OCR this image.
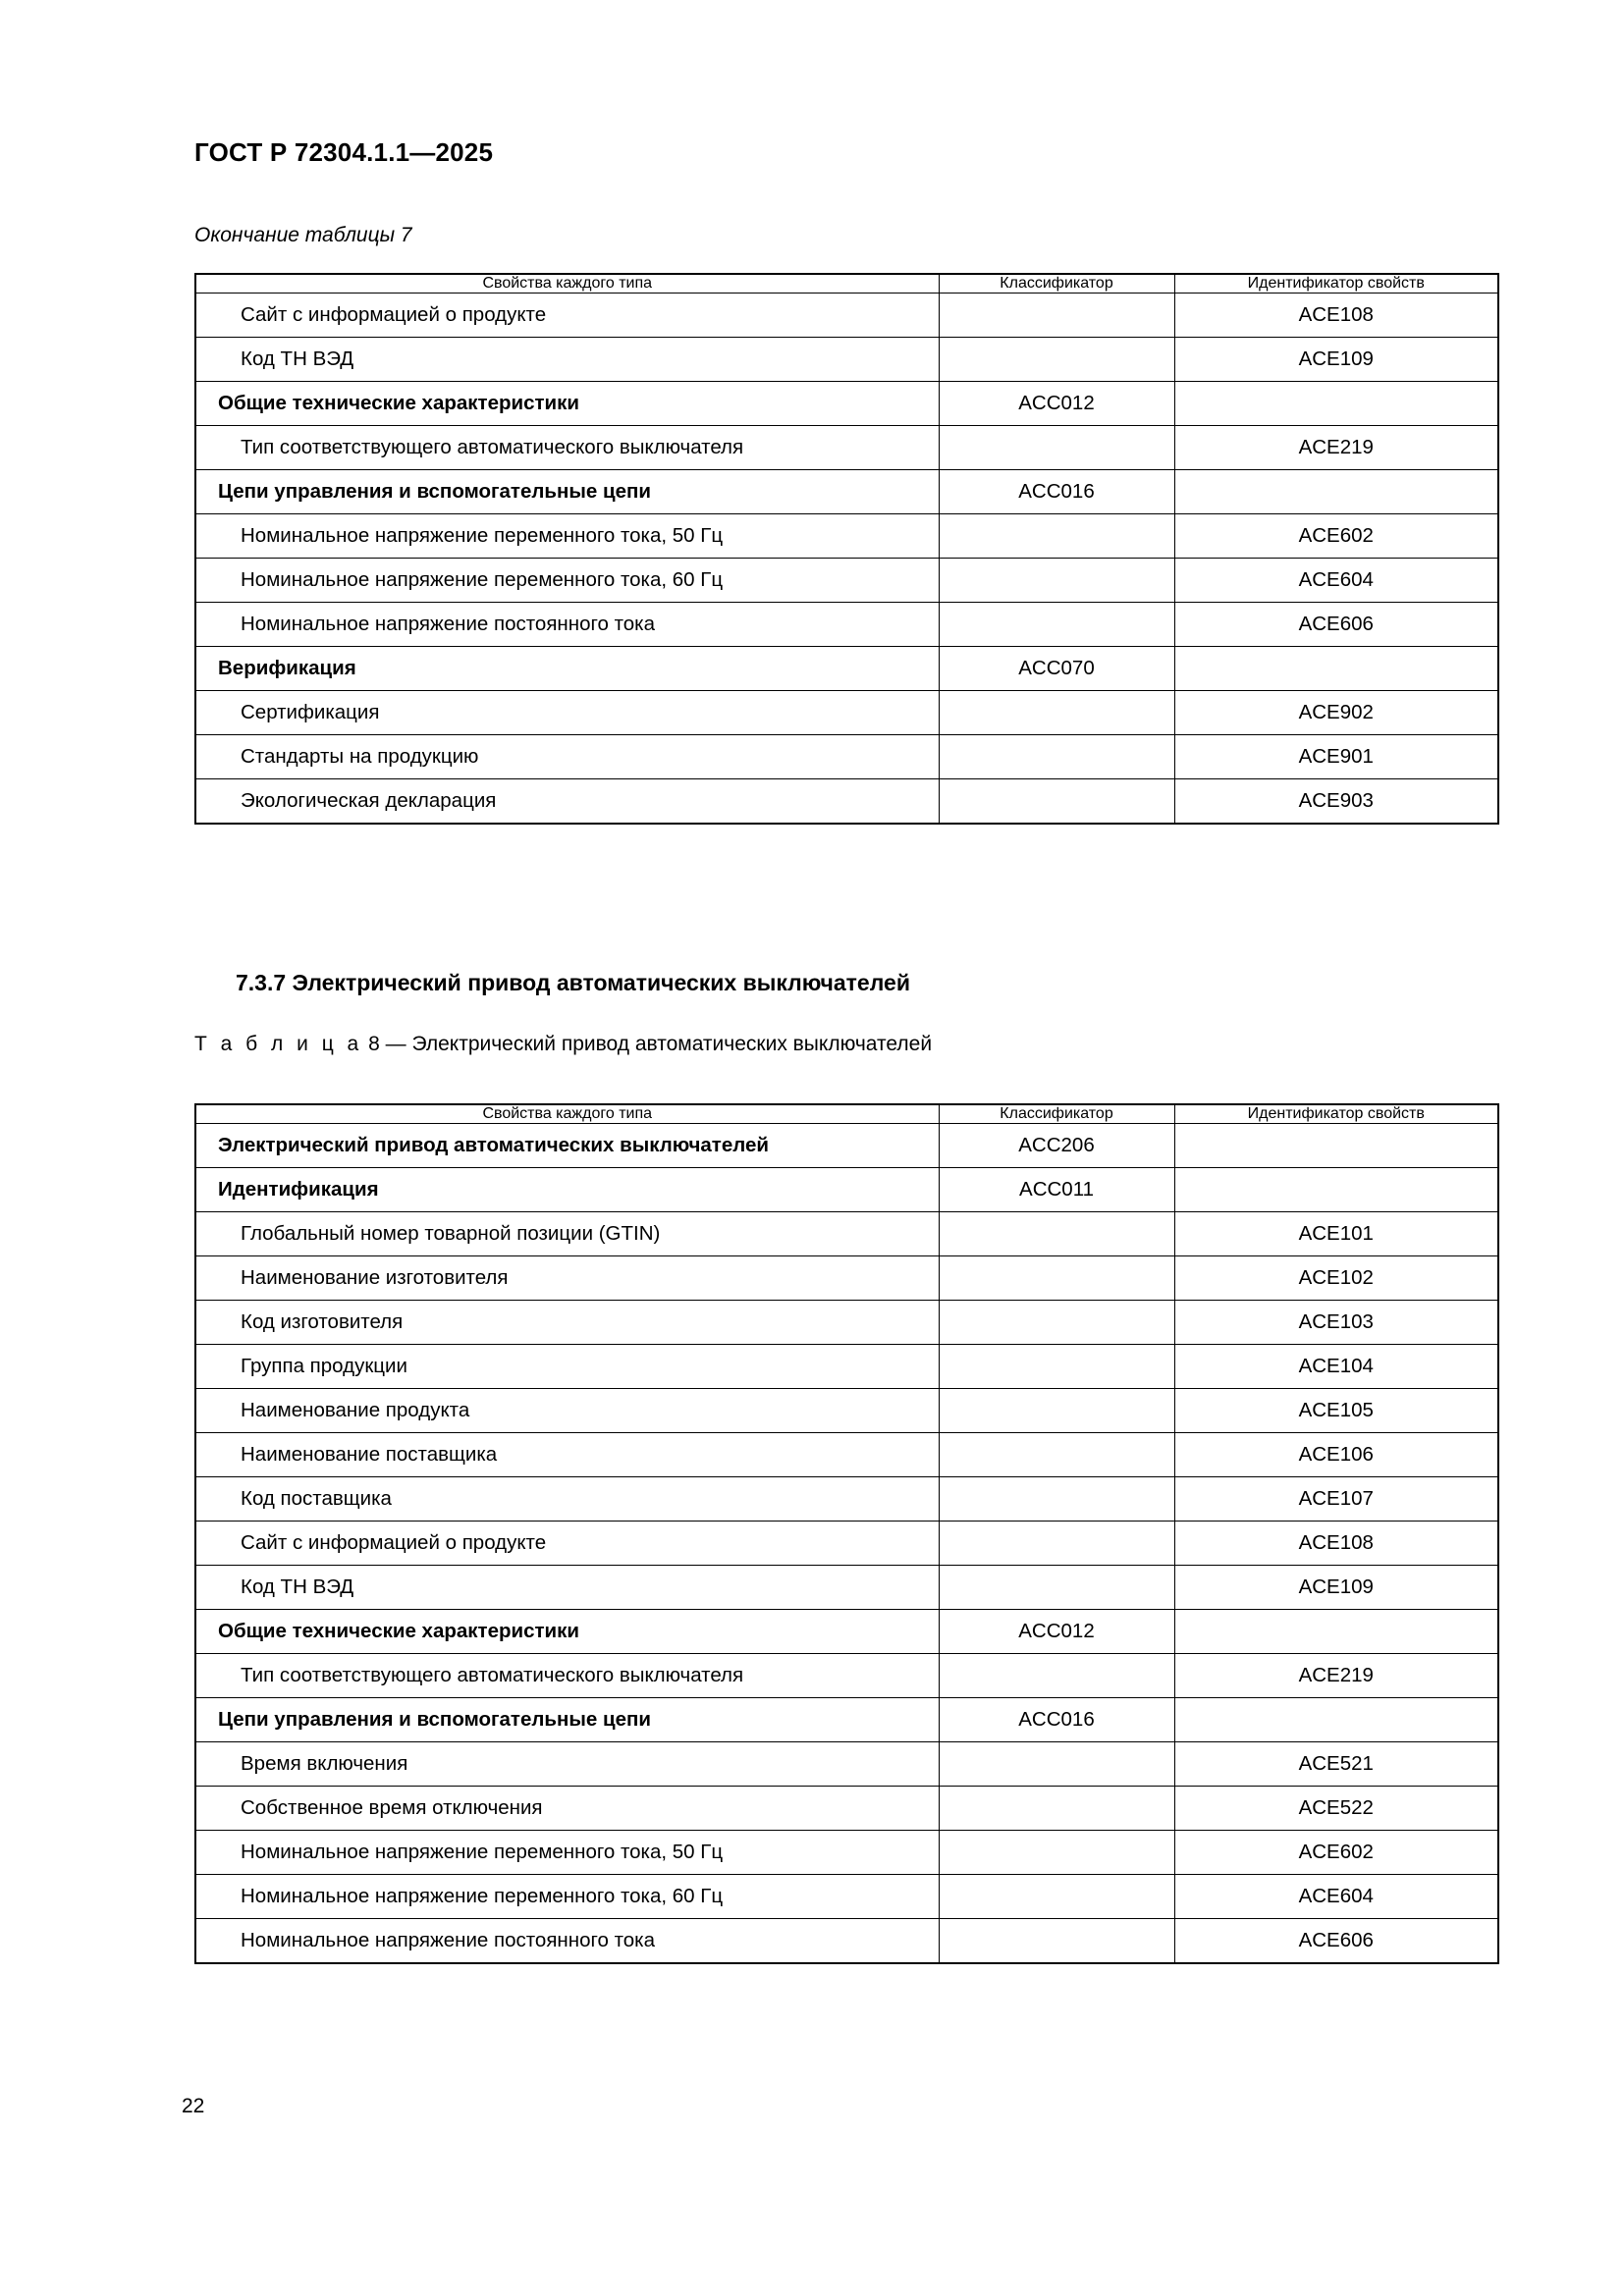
ГОСТ Р 72304.1.1—2025
Окончание таблицы 7
Свойства каждого типа	Классификатор	Идентификатор свойств
Сайт с информацией о продукте		ACE108
Код ТН ВЭД		ACE109
Общие технические характеристики	ACC012	
Тип соответствующего автоматического выключателя		ACE219
Цепи управления и вспомогательные цепи	ACC016	
Номинальное напряжение переменного тока, 50 Гц		ACE602
Номинальное напряжение переменного тока, 60 Гц		ACE604
Номинальное напряжение постоянного тока		ACE606
Верификация	ACC070	
Сертификация		ACE902
Стандарты на продукцию		ACE901
Экологическая декларация		ACE903
7.3.7 Электрический привод автоматических выключателей
Т а б л и ц а 8 — Электрический привод автоматических выключателей
Свойства каждого типа	Классификатор	Идентификатор свойств
Электрический привод автоматических выключателей	ACC206	
Идентификация	ACC011	
Глобальный номер товарной позиции (GTIN)		ACE101
Наименование изготовителя		ACE102
Код изготовителя		ACE103
Группа продукции		ACE104
Наименование продукта		ACE105
Наименование поставщика		ACE106
Код поставщика		ACE107
Сайт с информацией о продукте		ACE108
Код ТН ВЭД		ACE109
Общие технические характеристики	ACC012	
Тип соответствующего автоматического выключателя		ACE219
Цепи управления и вспомогательные цепи	ACC016	
Время включения		ACE521
Собственное время отключения		ACE522
Номинальное напряжение переменного тока, 50 Гц		ACE602
Номинальное напряжение переменного тока, 60 Гц		ACE604
Номинальное напряжение постоянного тока		ACE606
22
